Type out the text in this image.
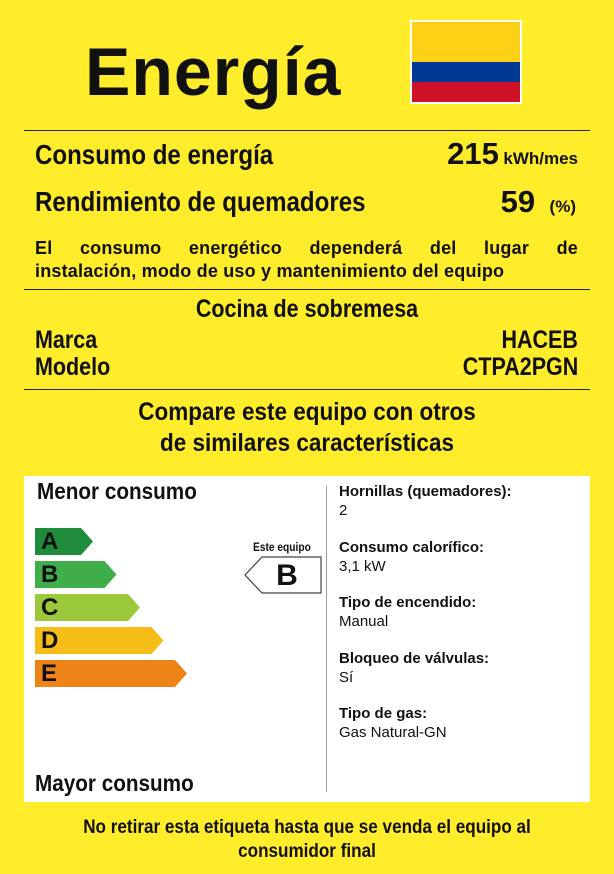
Energía
Consumo de energía	215 kWh/mes
Rendimiento de quemadores	59 (%)
El consumo energético dependerá del lugar de
instalación, modo de uso y mantenimiento del equipo
Cocina de sobremesa
Marca	HACEB
Modelo	CTPA2PGN
Compare este equipo con otros
de similares características
Menor consumo
Mayor consumo
A
B
C
D
E
Este equipo
B
Hornillas (quemadores):
2
Consumo calorífico:
3,1 kW
Tipo de encendido:
Manual
Bloqueo de válvulas:
Sí
Tipo de gas:
Gas Natural-GN
No retirar esta etiqueta hasta que se venda el equipo al
consumidor final
